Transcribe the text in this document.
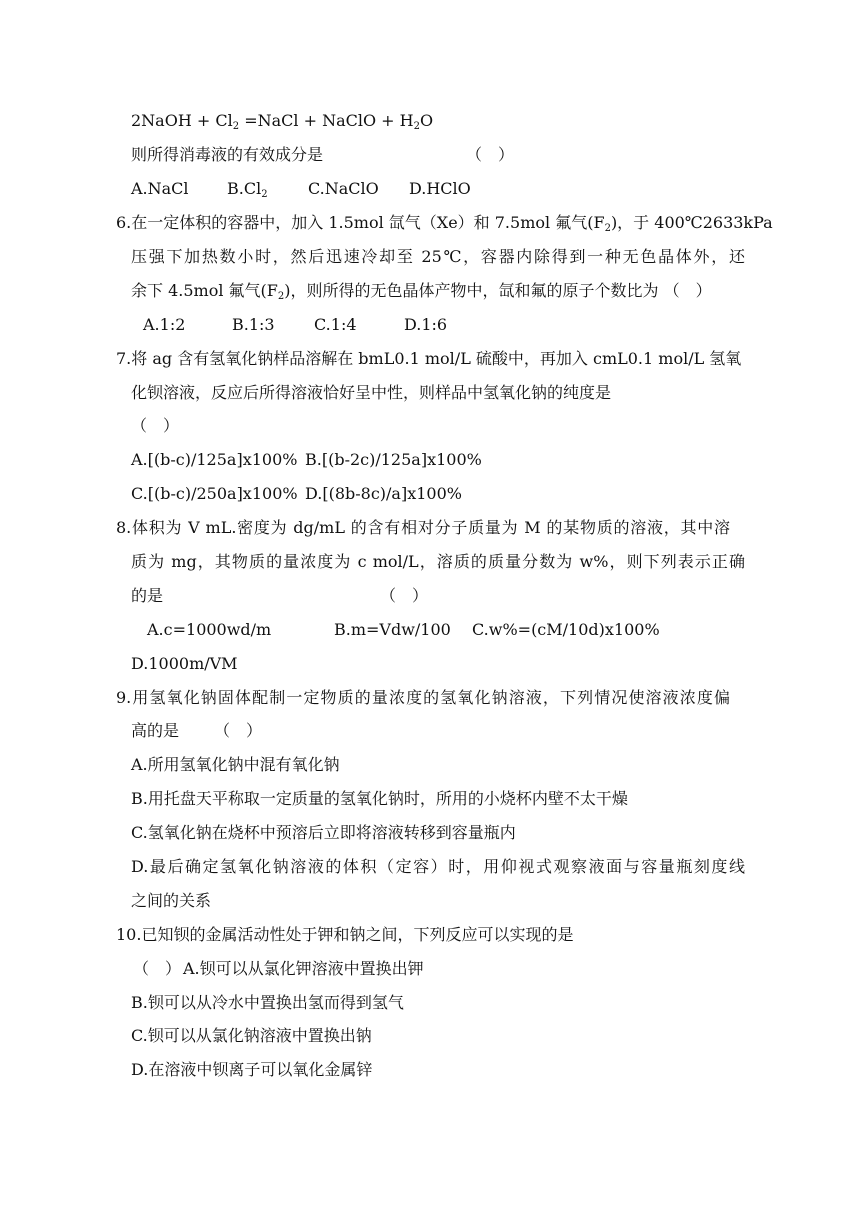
2NaOH + $Cl_2$ =NaCl + NaClO + $H_2O$
则所得消毒液的有效成分是	（　）
A.NaCl $B.Cl_2$	C.NaClO D.HClO
6.在一定体积的容器中，加入 1.5mol 氙气（Xe）和 7.5mol 氟气$(F_2)$，于 400℃2633kPa
压强下加热数小时，然后迅速冷却至 25℃，容器内除得到一种无色晶体外，还
余下 4.5mol 氟气$(F_2)$，则所得的无色晶体产物中，氙和氟的原子个数比为 （　）
A.1:2	B.1:3 C.1:4	D.1:6
7.将 ag 含有氢氧化钠样品溶解在 bmL0.1 mol/L 硫酸中，再加入 cmL0.1 mol/L 氢氧
化钡溶液，反应后所得溶液恰好呈中性，则样品中氢氧化钠的纯度是
（　）
A.[(b-c)/125a]x100% B.[(b-2c)/125a]x100%
C.[(b-c)/250a]x100% D.[(8b-8c)/a]x100%
8.体积为 V mL.密度为 dg/mL 的含有相对分子质量为 M 的某物质的溶液，其中溶
质为 mg，其物质的量浓度为 c mol/L，溶质的质量分数为 w%，则下列表示正确
的是	（　）
A.c=1000wd/m	B.m=Vdw/100 C.w%=(cM/10d)x100%
D.1000m/VM
9.用氢氧化钠固体配制一定物质的量浓度的氢氧化钠溶液，下列情况使溶液浓度偏
高的是 （　）
A.所用氢氧化钠中混有氧化钠
B.用托盘天平称取一定质量的氢氧化钠时，所用的小烧杯内壁不太干燥
C.氢氧化钠在烧杯中预溶后立即将溶液转移到容量瓶内
D.最后确定氢氧化钠溶液的体积（定容）时，用仰视式观察液面与容量瓶刻度线
之间的关系
10.已知钡的金属活动性处于钾和钠之间，下列反应可以实现的是
（　） A.钡可以从氯化钾溶液中置换出钾
B.钡可以从冷水中置换出氢而得到氢气
C.钡可以从氯化钠溶液中置换出钠
D.在溶液中钡离子可以氧化金属锌
